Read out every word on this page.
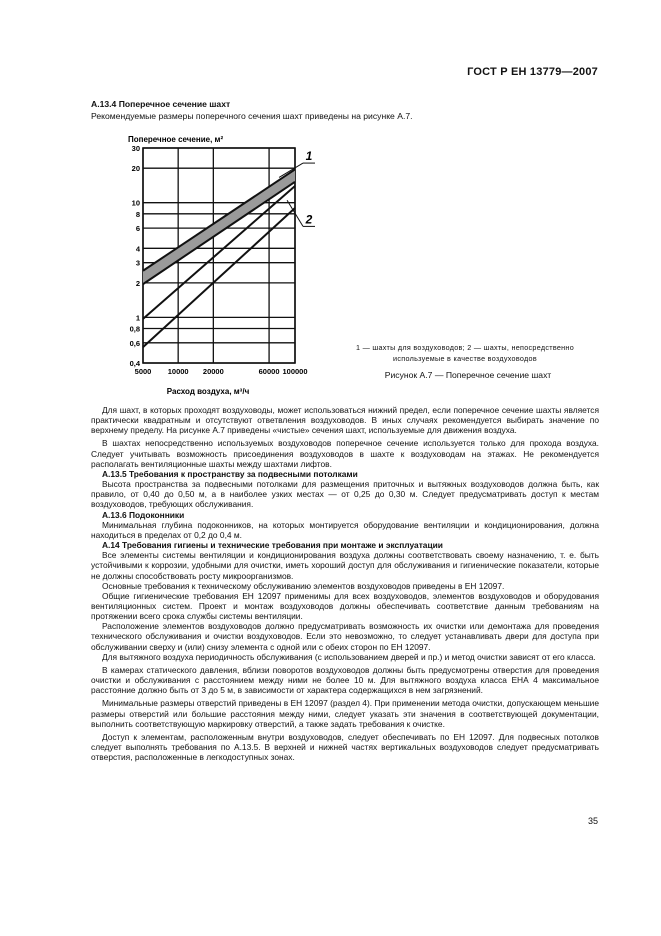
ГОСТ Р ЕН 13779—2007
А.13.4 Поперечное сечение шахт
Рекомендуемые размеры поперечного сечения шахт приведены на рисунке А.7.
Поперечное сечение, м²
5000 10000 20000	60000 100000
0,4
0,6
0,8
1
2
3
4
6
8
10
20
30
1
2
Расход воздуха, м³/ч
1 — шахты для воздуховодов; 2 — шахты, непосредственно
используемые в качестве воздуховодов
Рисунок А.7 — Поперечное сечение шахт

Для шахт, в которых проходят воздуховоды, может использоваться нижний предел, если поперечное сечение шахты является практически квадратным и отсутствуют ответвления воздуховодов. В иных случаях рекомендуется выбирать значение по верхнему пределу. На рисунке А.7 приведены «чистые» сечения шахт, используемые для движения воздуха.

В шахтах непосредственно используемых воздуховодов поперечное сечение используется только для прохода воздуха. Следует учитывать возможность присоединения воздуховодов в шахте к воздуховодам на этажах. Не рекомендуется располагать вентиляционные шахты между шахтами лифтов.

А.13.5 Требования к пространству за подвесными потолками

Высота пространства за подвесными потолками для размещения приточных и вытяжных воздуховодов должна быть, как правило, от 0,40 до 0,50 м, а в наиболее узких местах — от 0,25 до 0,30 м. Следует предусматривать доступ к местам воздуховодов, требующих обслуживания.

А.13.6 Подоконники

Минимальная глубина подоконников, на которых монтируется оборудование вентиляции и кондиционирования, должна находиться в пределах от 0,2 до 0,4 м.

А.14 Требования гигиены и технические требования при монтаже и эксплуатации

Все элементы системы вентиляции и кондиционирования воздуха должны соответствовать своему назначению, т. е. быть устойчивыми к коррозии, удобными для очистки, иметь хороший доступ для обслуживания и гигиенические показатели, которые не должны способствовать росту микроорганизмов.

Основные требования к техническому обслуживанию элементов воздуховодов приведены в ЕН 12097.

Общие гигиенические требования ЕН 12097 применимы для всех воздуховодов, элементов воздуховодов и оборудования вентиляционных систем. Проект и монтаж воздуховодов должны обеспечивать соответствие данным требованиям на протяжении всего срока службы системы вентиляции.

Расположение элементов воздуховодов должно предусматривать возможность их очистки или демонтажа для проведения технического обслуживания и очистки воздуховодов. Если это невозможно, то следует устанавливать двери для доступа при обслуживании сверху и (или) снизу элемента с одной или с обеих сторон по ЕН 12097.

Для вытяжного воздуха периодичность обслуживания (с использованием дверей и пр.) и метод очистки зависят от его класса.

В камерах статического давления, вблизи поворотов воздуховодов должны быть предусмотрены отверстия для проведения очистки и обслуживания с расстоянием между ними не более 10 м. Для вытяжного воздуха класса ЕНА 4 максимальное расстояние должно быть от 3 до 5 м, в зависимости от характера содержащихся в нем загрязнений.

Минимальные размеры отверстий приведены в ЕН 12097 (раздел 4). При применении метода очистки, допускающем меньшие размеры отверстий или большие расстояния между ними, следует указать эти значения в соответствующей документации, выполнить соответствующую маркировку отверстий, а также задать требования к очистке.

Доступ к элементам, расположенным внутри воздуховодов, следует обеспечивать по ЕН 12097. Для подвесных потолков следует выполнять требования по А.13.5. В верхней и нижней частях вертикальных воздуховодов следует предусматривать отверстия, расположенные в легкодоступных зонах.

35
